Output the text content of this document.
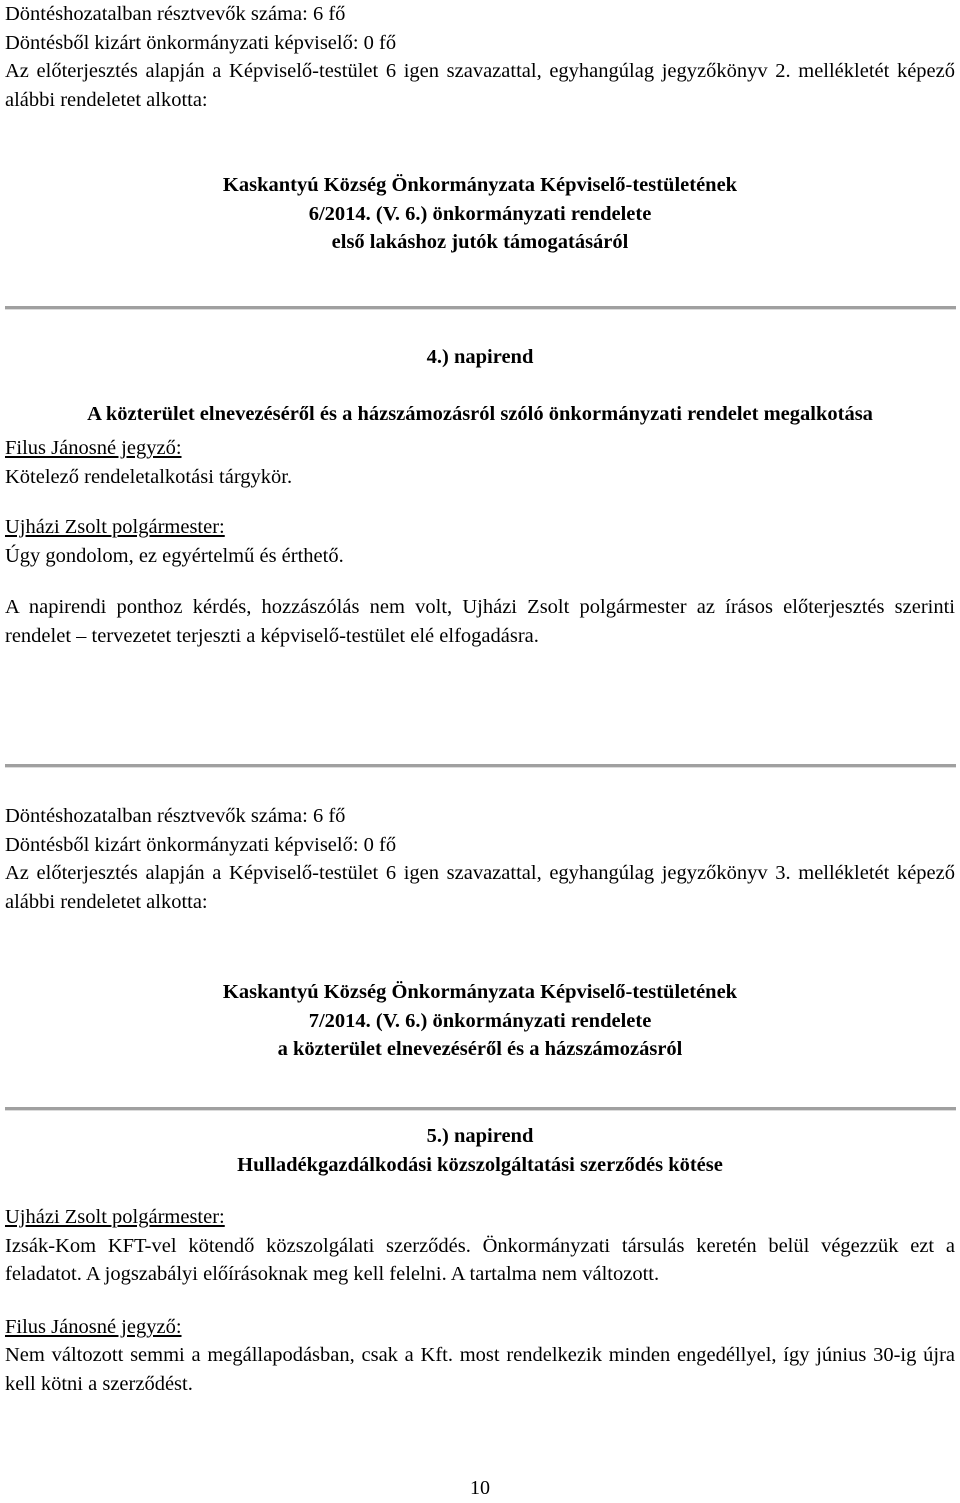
Döntéshozatalban résztvevők száma: 6 fő

Döntésből kizárt önkormányzati képviselő: 0 fő

Az előterjesztés alapján a Képviselő-testület 6 igen szavazattal, egyhangúlag jegyzőkönyv 2. mellékletét képező alábbi rendeletet alkotta:

Kaskantyú Község Önkormányzata Képviselő-testületének

6/2014. (V. 6.) önkormányzati rendelete

első lakáshoz jutók támogatásáról

4.) napirend

A közterület elnevezéséről és a házszámozásról szóló önkormányzati rendelet megalkotása

Filus Jánosné jegyző:

Kötelező rendeletalkotási tárgykör.

Ujházi Zsolt polgármester:

Úgy gondolom, ez egyértelmű és érthető.

A napirendi ponthoz kérdés, hozzászólás nem volt, Ujházi Zsolt polgármester az írásos előterjesztés szerinti rendelet – tervezetet terjeszti a képviselő-testület elé elfogadásra.

Döntéshozatalban résztvevők száma: 6 fő

Döntésből kizárt önkormányzati képviselő: 0 fő

Az előterjesztés alapján a Képviselő-testület 6 igen szavazattal, egyhangúlag jegyzőkönyv 3. mellékletét képező alábbi rendeletet alkotta:

Kaskantyú Község Önkormányzata Képviselő-testületének

7/2014. (V. 6.) önkormányzati rendelete

a közterület elnevezéséről és a házszámozásról

5.) napirend

Hulladékgazdálkodási közszolgáltatási szerződés kötése

Ujházi Zsolt polgármester:

Izsák-Kom KFT-vel kötendő közszolgálati szerződés. Önkormányzati társulás keretén belül végezzük ezt a feladatot. A jogszabályi előírásoknak meg kell felelni. A tartalma nem változott.

Filus Jánosné jegyző:

Nem változott semmi a megállapodásban, csak a Kft. most rendelkezik minden engedéllyel, így június 30-ig újra kell kötni a szerződést.

10
